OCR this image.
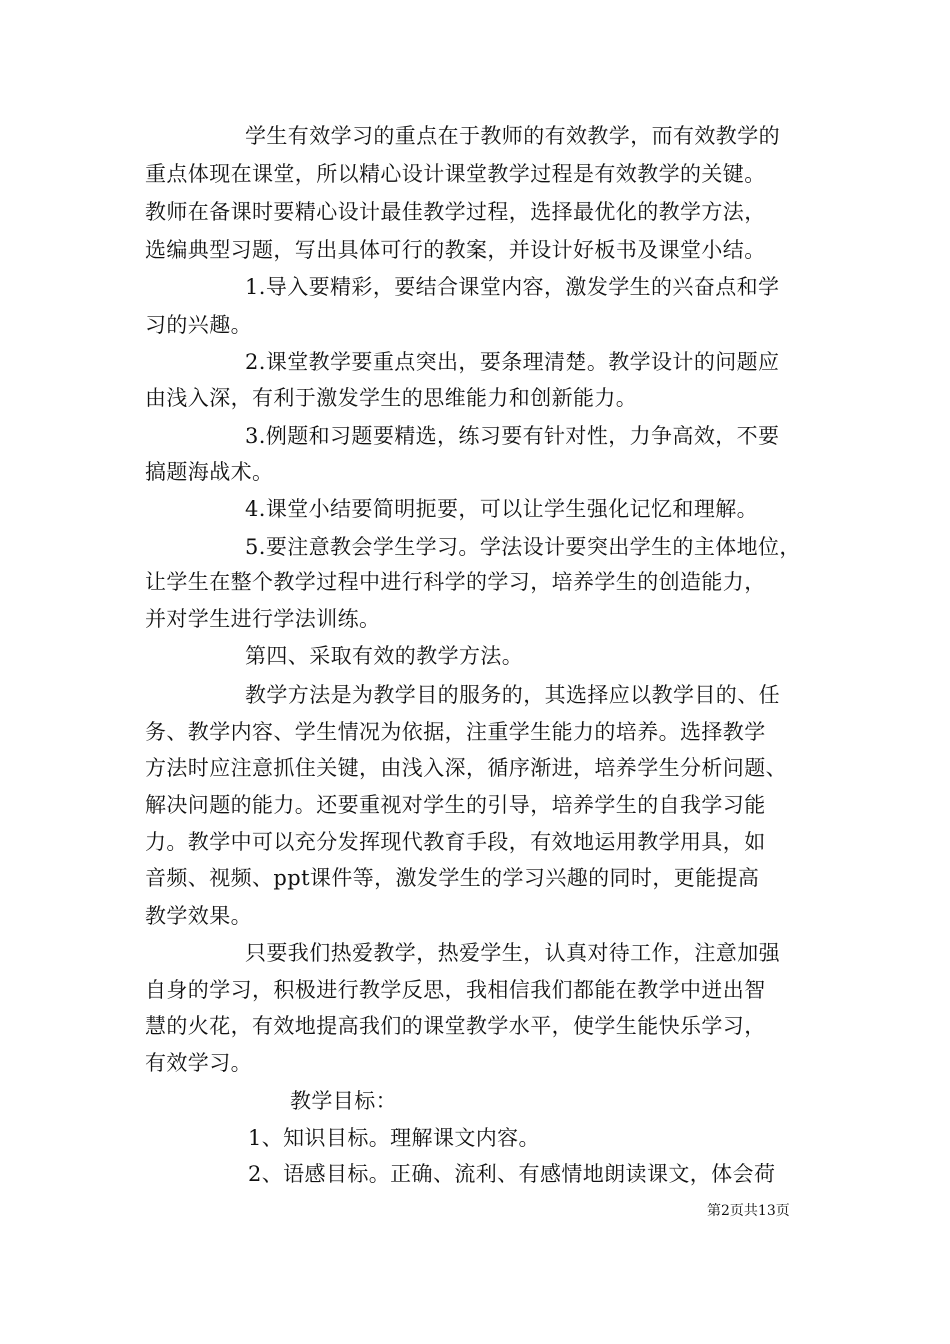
学生有效学习的重点在于教师的有效教学，而有效教学的
重点体现在课堂，所以精心设计课堂教学过程是有效教学的关键。
教师在备课时要精心设计最佳教学过程，选择最优化的教学方法，
选编典型习题，写出具体可行的教案，并设计好板书及课堂小结。
1.导入要精彩，要结合课堂内容，激发学生的兴奋点和学
习的兴趣。
2.课堂教学要重点突出，要条理清楚。教学设计的问题应
由浅入深，有利于激发学生的思维能力和创新能力。
3.例题和习题要精选，练习要有针对性，力争高效，不要
搞题海战术。
4.课堂小结要简明扼要，可以让学生强化记忆和理解。
5.要注意教会学生学习。学法设计要突出学生的主体地位，
让学生在整个教学过程中进行科学的学习，培养学生的创造能力，
并对学生进行学法训练。
第四、采取有效的教学方法。
教学方法是为教学目的服务的，其选择应以教学目的、任
务、教学内容、学生情况为依据，注重学生能力的培养。选择教学
方法时应注意抓住关键，由浅入深，循序渐进，培养学生分析问题、
解决问题的能力。还要重视对学生的引导，培养学生的自我学习能
力。教学中可以充分发挥现代教育手段，有效地运用教学用具，如
音频、视频、ppt课件等，激发学生的学习兴趣的同时，更能提高
教学效果。
只要我们热爱教学，热爱学生，认真对待工作，注意加强
自身的学习，积极进行教学反思，我相信我们都能在教学中迸出智
慧的火花，有效地提高我们的课堂教学水平，使学生能快乐学习，
有效学习。
教学目标：
1、知识目标。理解课文内容。
2、语感目标。正确、流利、有感情地朗读课文，体会荷
第2页共13页
